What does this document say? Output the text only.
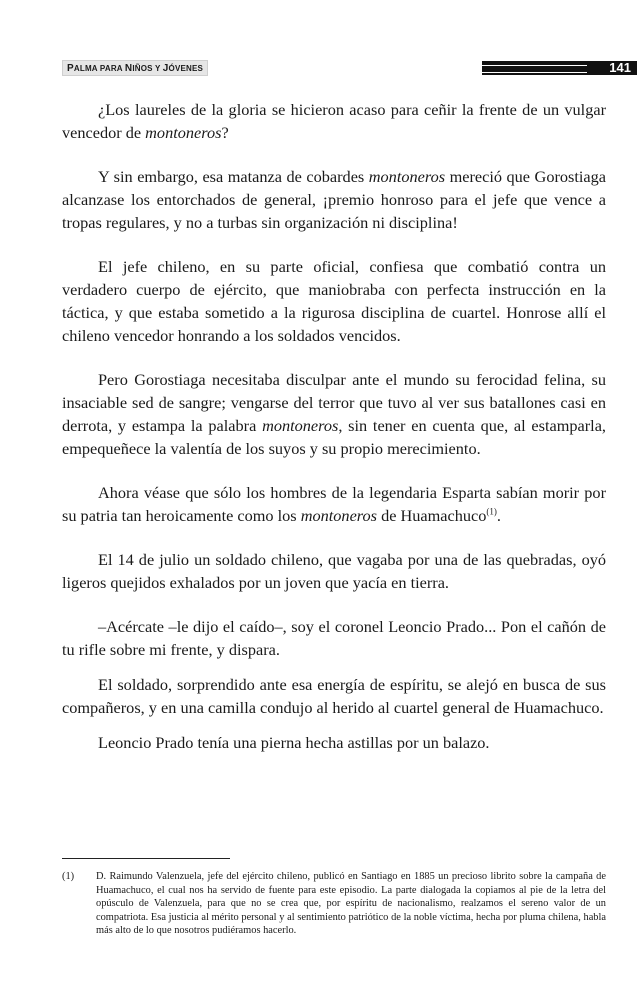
PALMA PARA NIÑOS Y JÓVENES	141

¿Los laureles de la gloria se hicieron acaso para ceñir la frente de un vulgar vencedor de montoneros?

Y sin embargo, esa matanza de cobardes montoneros mereció que Gorostiaga alcanzase los entorchados de general, ¡premio honroso para el jefe que vence a tropas regulares, y no a turbas sin organización ni disciplina!

El jefe chileno, en su parte oficial, confiesa que combatió contra un verdadero cuerpo de ejército, que maniobraba con perfecta instrucción en la táctica, y que estaba sometido a la rigurosa disciplina de cuartel. Honrose allí el chileno vencedor honrando a los soldados vencidos.

Pero Gorostiaga necesitaba disculpar ante el mundo su ferocidad felina, su insaciable sed de sangre; vengarse del terror que tuvo al ver sus batallones casi en derrota, y estampa la palabra montoneros, sin tener en cuenta que, al estamparla, empequeñece la valentía de los suyos y su propio merecimiento.

Ahora véase que sólo los hombres de la legendaria Esparta sabían morir por su patria tan heroicamente como los montoneros de Huamachuco$^{(1)}$.

El 14 de julio un soldado chileno, que vagaba por una de las quebradas, oyó ligeros quejidos exhalados por un joven que yacía en tierra.

–Acércate –le dijo el caído–, soy el coronel Leoncio Prado... Pon el cañón de tu rifle sobre mi frente, y dispara.

El soldado, sorprendido ante esa energía de espíritu, se alejó en busca de sus compañeros, y en una camilla condujo al herido al cuartel general de Huamachuco.

Leoncio Prado tenía una pierna hecha astillas por un balazo.

(1) D. Raimundo Valenzuela, jefe del ejército chileno, publicó en Santiago en 1885 un precioso librito sobre la campaña de Huamachuco, el cual nos ha servido de fuente para este episodio. La parte dialogada la copiamos al pie de la letra del opúsculo de Valenzuela, para que no se crea que, por espíritu de nacionalismo, realzamos el sereno valor de un compatriota. Esa justicia al mérito personal y al sentimiento patriótico de la noble víctima, hecha por pluma chilena, habla más alto de lo que nosotros pudiéramos hacerlo.
